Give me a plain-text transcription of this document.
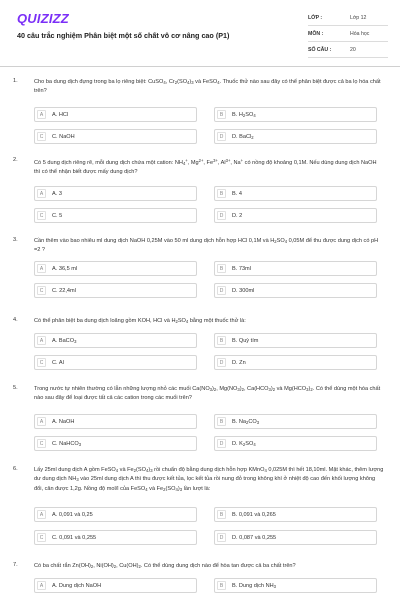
QUIZIZZ
40 câu trắc nghiệm Phân biệt một số chất vô cơ nâng cao (P1)
LỚP :	Lớp 12
MÔN :	Hóa học
SỐ CÂU :	20
1.	Cho ba dung dịch đựng trong ba lọ riêng biệt: CuSO$_4$, $Cr_2(SO_4)_3$ và FeSO$_4$. Thuốc thử nào sau đây có thể phân biệt được cả ba lọ hóa chất trên?
A	A. HCl	B	B. $H_2SO_4$
C	C. NaOH	D	D. BaCl$_2$
2.	Có 5 dung dịch riêng rẽ, mỗi dung dịch chứa một cation: $NH_4^+$, $Mg^{2+}$, $Fe^{3+}$, $Al^{3+}$, Na+ có nồng độ khoảng 0,1M. Nếu dùng dung dịch NaOH thì có thể nhận biết được mấy dung dịch?
A	A. 3	B	B. 4
C	C. 5	D	D. 2
3.	Cần thêm vào bao nhiêu ml dung dịch NaOH 0,25M vào 50 ml dung dịch hỗn hợp HCl 0,1M và $H_2SO_4$ 0,05M để thu được dung dịch có pH =2 ?
A	A. 36,5 ml	B	B. 73ml
C	C. 22,4ml	D	D. 300ml
4.	Có thể phân biệt ba dung dịch loãng gồm KOH, HCl và $H_2SO_4$ bằng một thuốc thử là:
A	A. BaCO$_3$	B	B. Quỳ tím
C	C. Al	D	D. Zn
5.	Trong nước tự nhiên thường có lẫn những lượng nhỏ các muối $Ca(NO_3)_2$, $Mg(NO_3)_2$, $Ca(HCO_3)_2$ và $Mg(HCO_3)_2$. Có thể dùng một hóa chất nào sau đây để loại được tất cả các cation trong các muối trên?
A	A. NaOH	B	B. $Na_2CO_3$
C	C. NaHCO$_3$	D	D. $K_2SO_4$
6.	Lấy 25ml dung dịch A gồm FeSO$_4$ và $Fe_2(SO_4)_3$ rồi chuẩn độ bằng dung dịch hỗn hợp KMnO$_4$ 0,025M thì hết 18,10ml. Mặt khác, thêm lượng dư dung dịch $NH_3$ vào 25ml dung dịch A thì thu được kết tủa, lọc kết tủa rồi nung đỏ trong không khí ở nhiệt độ cao đến khối lượng không đổi, cân được 1,2g. Nồng độ mol/l của FeSO$_4$ và $Fe_2(SO_4)_3$ lần lượt là:
A	A. 0,091 và 0,25	B	B. 0,091 và 0,265
C	C. 0,091 và 0,255	D	D. 0,087 và 0,255
7.	Có ba chất rắn $Zn(OH)_2$, $Ni(OH)_2$, $Cu(OH)_2$. Có thể dùng dung dịch nào để hòa tan được cả ba chất trên?
A	A. Dung dịch NaOH	B	B. Dung dịch $NH_3$
